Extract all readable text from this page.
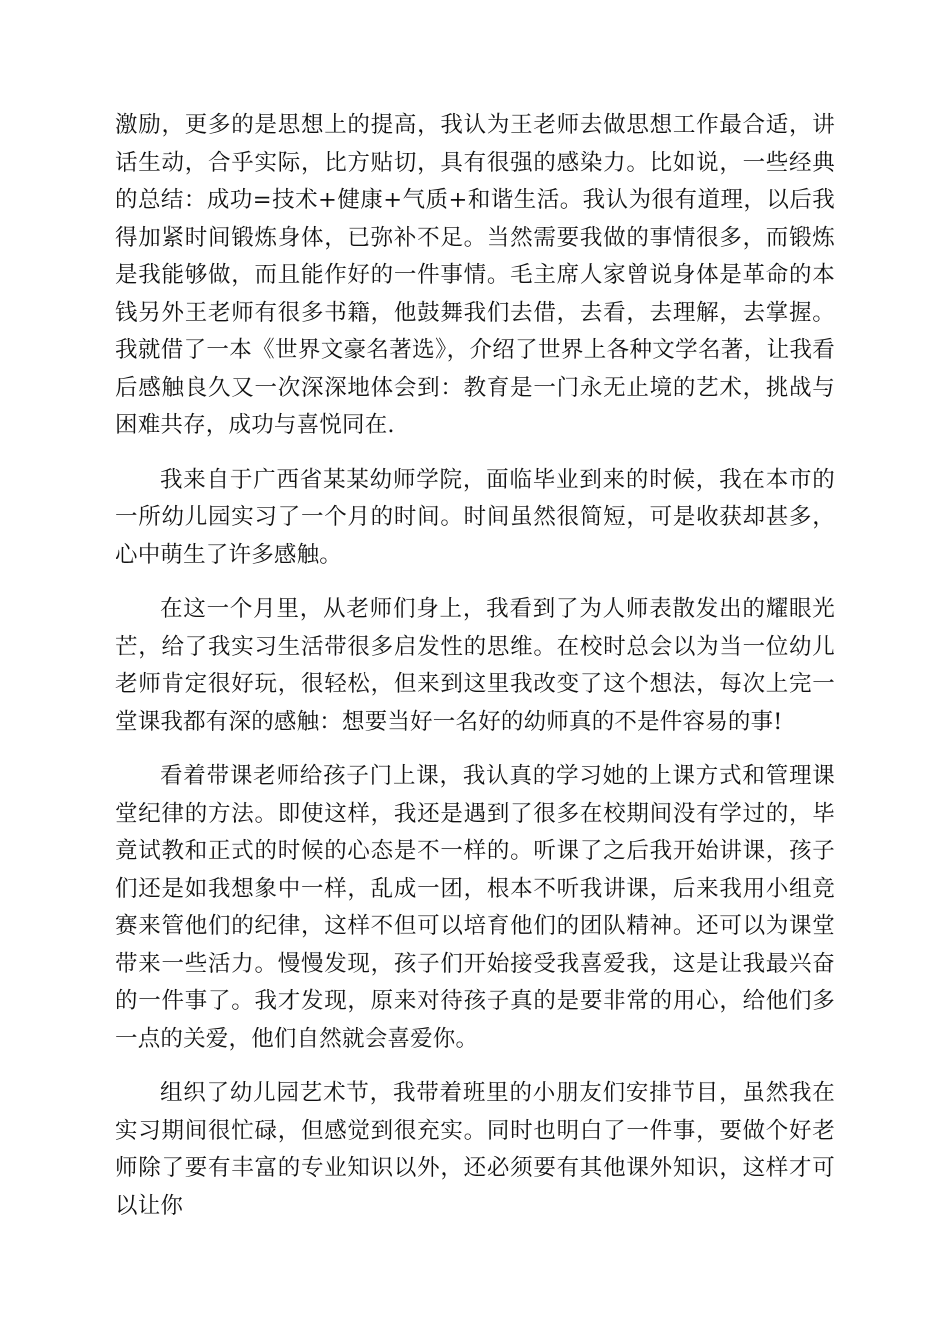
激励，更多的是思想上的提高，我认为王老师去做思想工作最合适，讲话生动，合乎实际，比方贴切，具有很强的感染力。比如说，一些经典的总结：成功=技术+健康+气质+和谐生活。我认为很有道理，以后我得加紧时间锻炼身体，已弥补不足。当然需要我做的事情很多，而锻炼是我能够做，而且能作好的一件事情。毛主席人家曾说身体是革命的本钱另外王老师有很多书籍，他鼓舞我们去借，去看，去理解，去掌握。我就借了一本《世界文豪名著选》，介绍了世界上各种文学名著，让我看后感触良久又一次深深地体会到：教育是一门永无止境的艺术，挑战与困难共存，成功与喜悦同在.

我来自于广西省某某幼师学院，面临毕业到来的时候，我在本市的一所幼儿园实习了一个月的时间。时间虽然很简短，可是收获却甚多，心中萌生了许多感触。

在这一个月里，从老师们身上，我看到了为人师表散发出的耀眼光芒，给了我实习生活带很多启发性的思维。在校时总会以为当一位幼儿老师肯定很好玩，很轻松，但来到这里我改变了这个想法，每次上完一堂课我都有深的感触：想要当好一名好的幼师真的不是件容易的事!

看着带课老师给孩子门上课，我认真的学习她的上课方式和管理课堂纪律的方法。即使这样，我还是遇到了很多在校期间没有学过的，毕竟试教和正式的时候的心态是不一样的。听课了之后我开始讲课，孩子们还是如我想象中一样，乱成一团，根本不听我讲课，后来我用小组竞赛来管他们的纪律，这样不但可以培育他们的团队精神。还可以为课堂带来一些活力。慢慢发现，孩子们开始接受我喜爱我，这是让我最兴奋的一件事了。我才发现，原来对待孩子真的是要非常的用心，给他们多一点的关爱，他们自然就会喜爱你。

组织了幼儿园艺术节，我带着班里的小朋友们安排节目，虽然我在实习期间很忙碌，但感觉到很充实。同时也明白了一件事，要做个好老师除了要有丰富的专业知识以外，还必须要有其他课外知识，这样才可以让你
